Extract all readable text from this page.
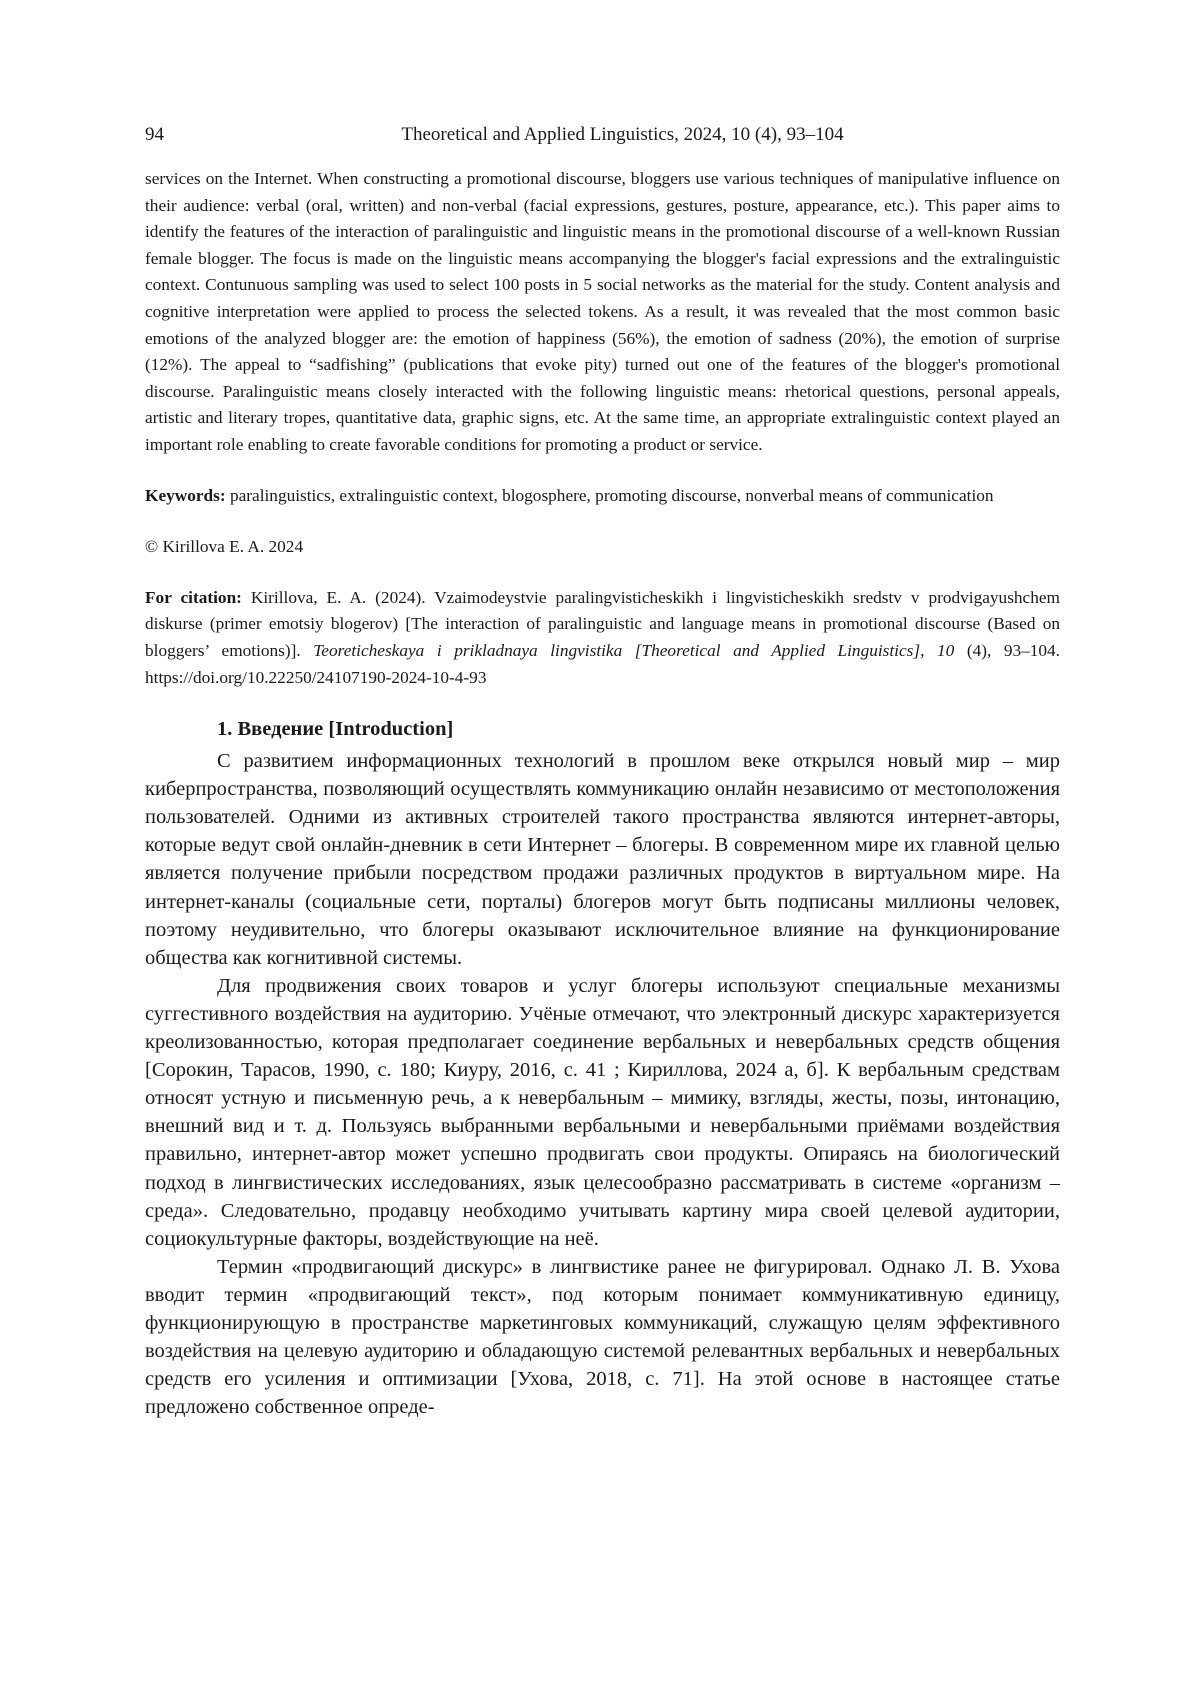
94	Theoretical and Applied Linguistics, 2024, 10 (4), 93–104
services on the Internet. When constructing a promotional discourse, bloggers use various techniques of manipulative influence on their audience: verbal (oral, written) and non-verbal (facial expressions, gestures, posture, appearance, etc.). This paper aims to identify the features of the interaction of paralinguistic and linguistic means in the promotional discourse of a well-known Russian female blogger. The focus is made on the linguistic means accompanying the blogger's facial expressions and the extralinguistic context. Contunuous sampling was used to select 100 posts in 5 social networks as the material for the study. Content analysis and cognitive interpretation were applied to process the selected tokens. As a result, it was revealed that the most common basic emotions of the analyzed blogger are: the emotion of happiness (56%), the emotion of sadness (20%), the emotion of surprise (12%). The appeal to “sadfishing” (publications that evoke pity) turned out one of the features of the blogger's promotional discourse. Paralinguistic means closely interacted with the following linguistic means: rhetorical questions, personal appeals, artistic and literary tropes, quantitative data, graphic signs, etc. At the same time, an appropriate extralinguistic context played an important role enabling to create favorable conditions for promoting a product or service.
Keywords: paralinguistics, extralinguistic context, blogosphere, promoting discourse, nonverbal means of communication
© Kirillova E. A. 2024
For citation: Kirillova, E. A. (2024). Vzaimodeystvie paralingvisticheskikh i lingvisticheskikh sredstv v prodvigayushchem diskurse (primer emotsiy blogerov) [The interaction of paralinguistic and language means in promotional discourse (Based on bloggers’ emotions)]. Teoreticheskaya i prikladnaya lingvistika [Theoretical and Applied Linguistics], 10 (4), 93–104. https://doi.org/10.22250/24107190-2024-10-4-93
1. Введение [Introduction]

С развитием информационных технологий в прошлом веке открылся новый мир – мир киберпространства, позволяющий осуществлять коммуникацию онлайн независимо от местоположения пользователей. Одними из активных строителей такого пространства являются интернет-авторы, которые ведут свой онлайн-дневник в сети Интернет – блогеры. В современном мире их главной целью является получение прибыли посредством продажи различных продуктов в виртуальном мире. На интернет-каналы (социальные сети, порталы) блогеров могут быть подписаны миллионы человек, поэтому неудивительно, что блогеры оказывают исключительное влияние на функционирование общества как когнитивной системы.

Для продвижения своих товаров и услуг блогеры используют специальные механизмы суггестивного воздействия на аудиторию. Учёные отмечают, что электронный дискурс характеризуется креолизованностью, которая предполагает соединение вербальных и невербальных средств общения [Сорокин, Тарасов, 1990, с. 180; Киуру, 2016, с. 41 ; Кириллова, 2024 а, б]. К вербальным средствам относят устную и письменную речь, а к невербальным – мимику, взгляды, жесты, позы, интонацию, внешний вид и т. д. Пользуясь выбранными вербальными и невербальными приёмами воздействия правильно, интернет-автор может успешно продвигать свои продукты. Опираясь на биологический подход в лингвистических исследованиях, язык целесообразно рассматривать в системе «организм – среда». Следовательно, продавцу необходимо учитывать картину мира своей целевой аудитории, социокультурные факторы, воздействующие на неё.

Термин «продвигающий дискурс» в лингвистике ранее не фигурировал. Однако Л. В. Ухова вводит термин «продвигающий текст», под которым понимает коммуникативную единицу, функционирующую в пространстве маркетинговых коммуникаций, служащую целям эффективного воздействия на целевую аудиторию и обладающую системой релевантных вербальных и невербальных средств его усиления и оптимизации [Ухова, 2018, с. 71]. На этой основе в настоящее статье предложено собственное опреде-
